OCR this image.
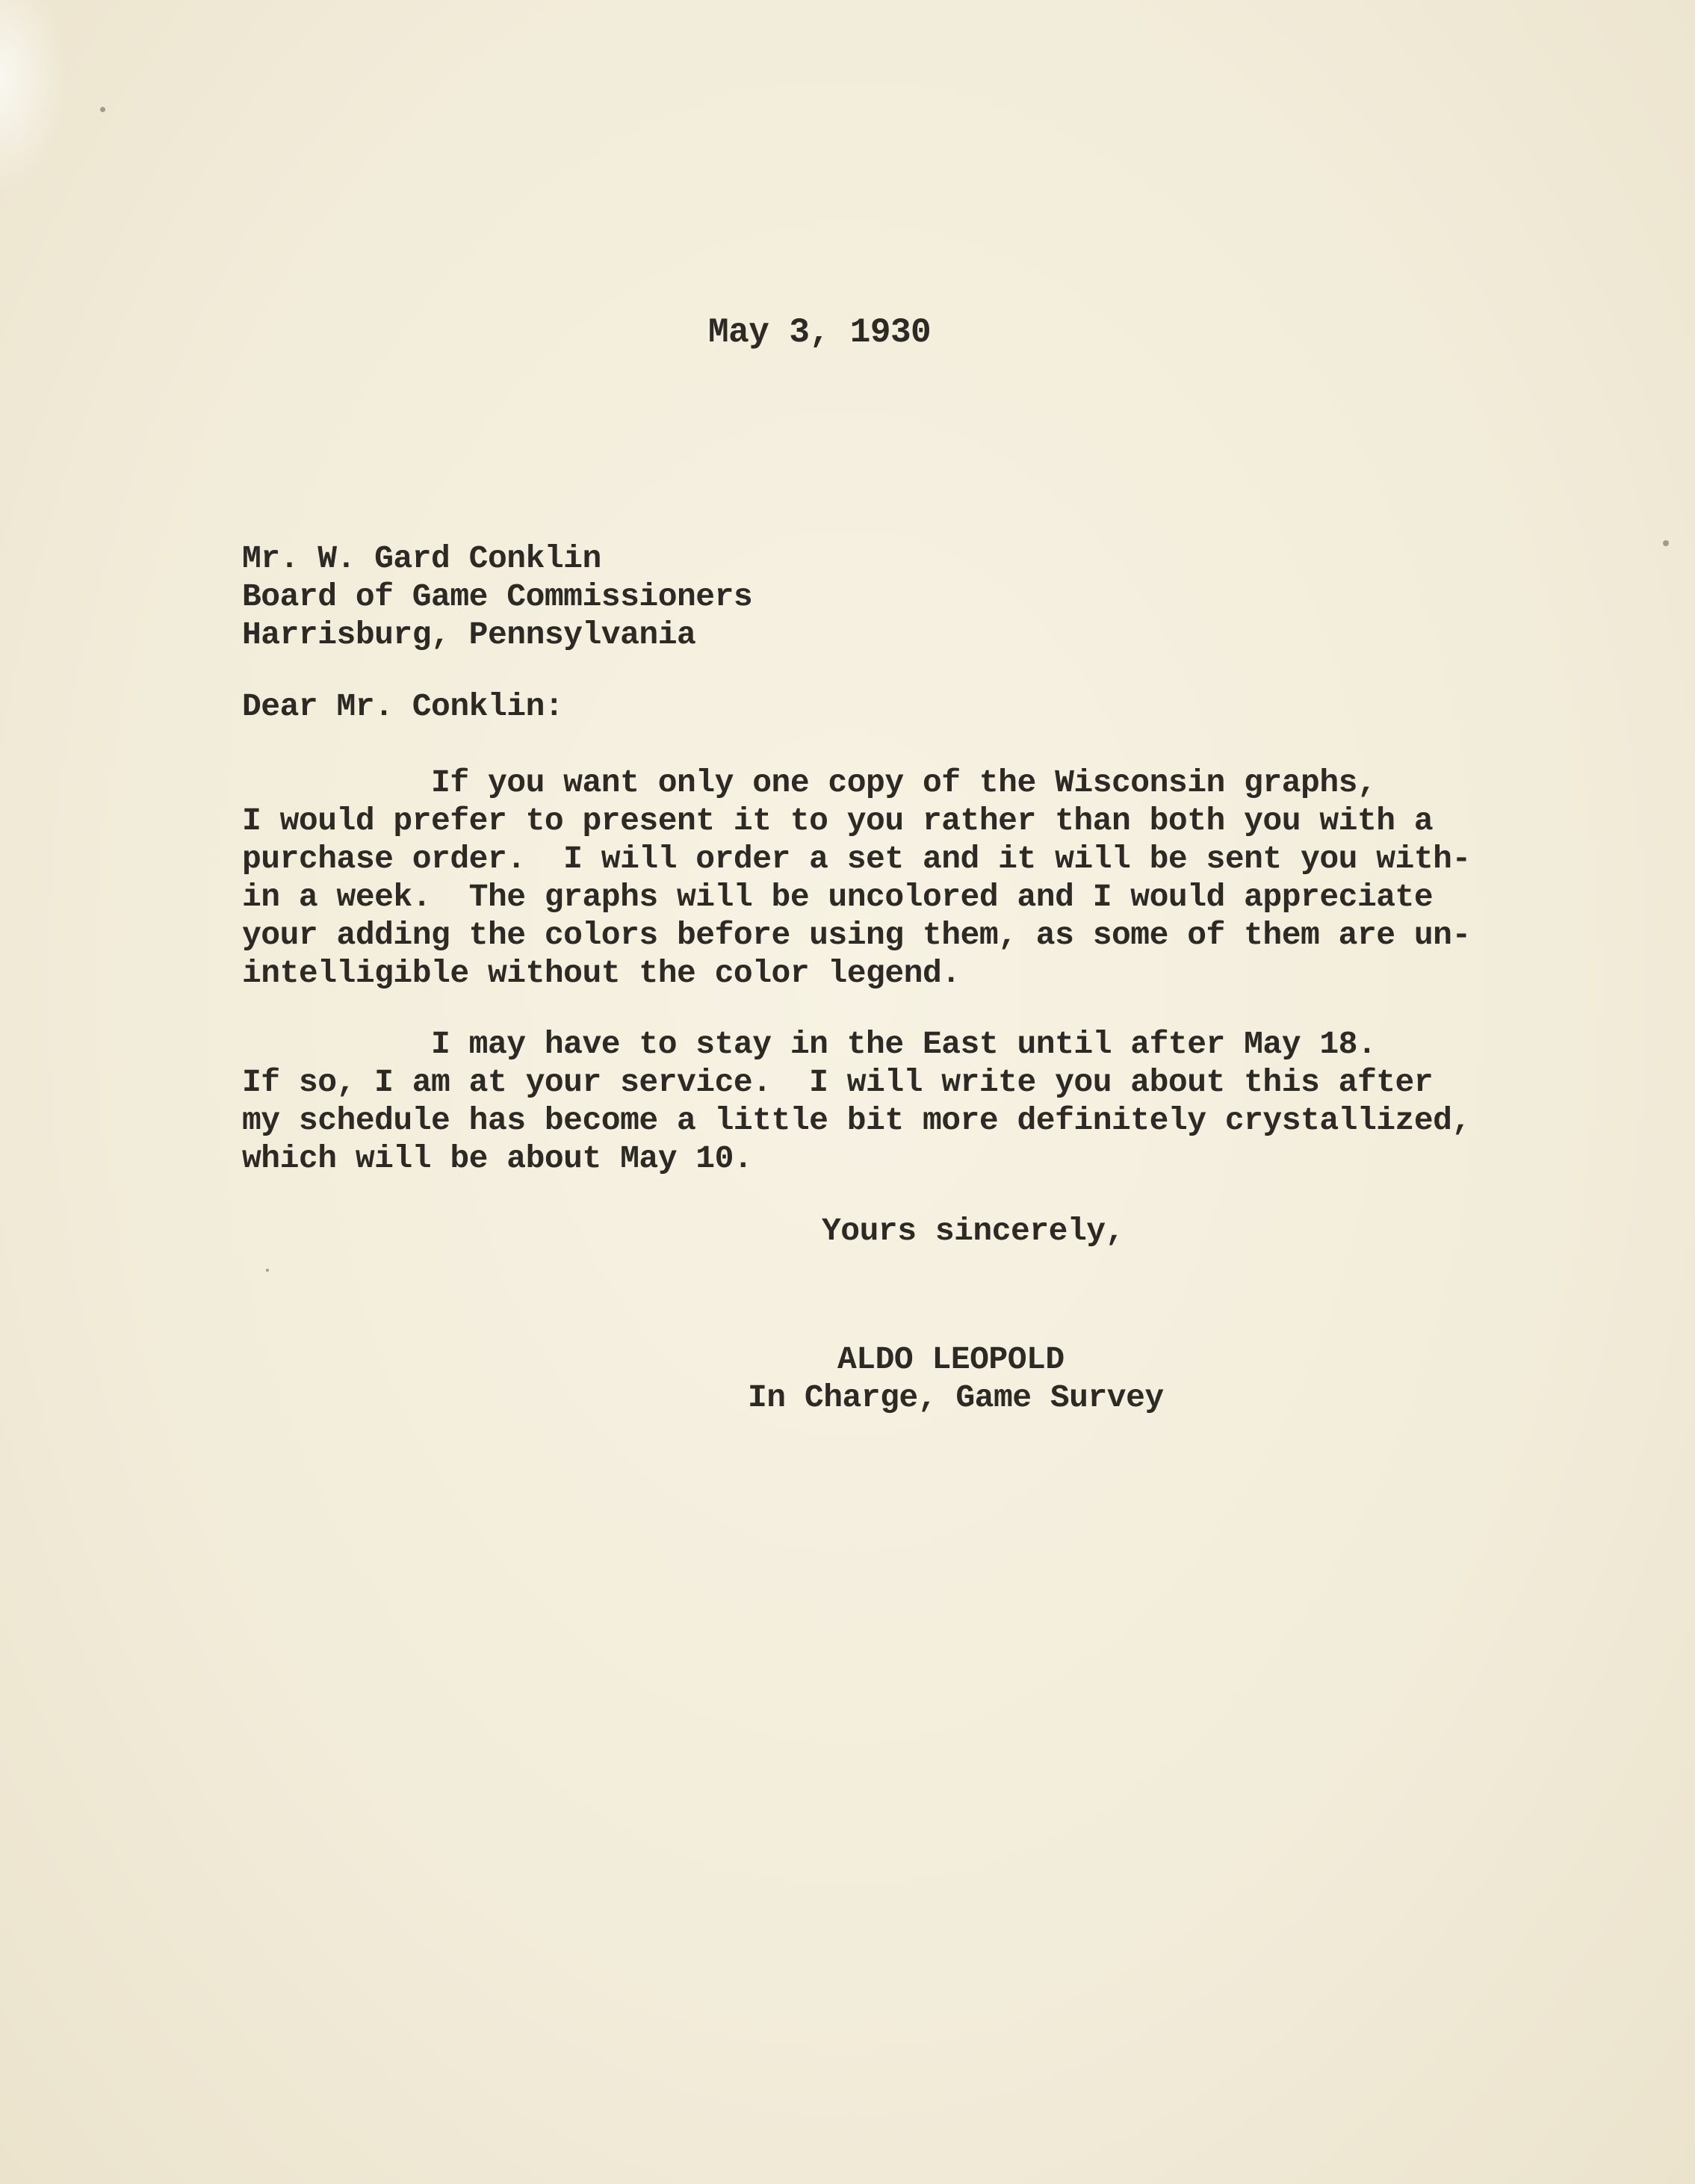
May 3, 1930

Mr. W. Gard Conklin

Board of Game Commissioners

Harrisburg, Pennsylvania

Dear Mr. Conklin:

If you want only one copy of the Wisconsin graphs,

I would prefer to present it to you rather than both you with a

purchase order.  I will order a set and it will be sent you with-

in a week.  The graphs will be uncolored and I would appreciate

your adding the colors before using them, as some of them are un-

intelligible without the color legend.

I may have to stay in the East until after May 18.

If so, I am at your service.  I will write you about this after

my schedule has become a little bit more definitely crystallized,

which will be about May 10.

Yours sincerely,

ALDO LEOPOLD

In Charge, Game Survey
